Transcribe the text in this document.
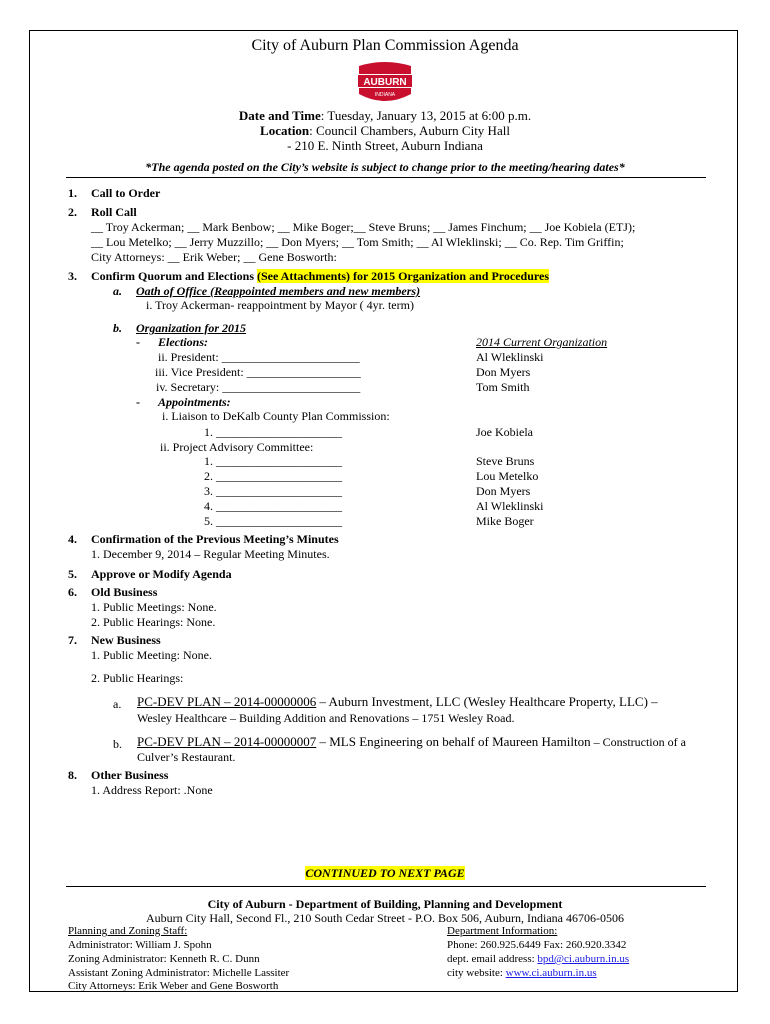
City of Auburn Plan Commission Agenda
AUBURN
INDIANA
Date and Time: Tuesday, January 13, 2015 at 6:00 p.m.
Location: Council Chambers, Auburn City Hall
- 210 E. Ninth Street, Auburn Indiana
*The agenda posted on the City’s website is subject to change prior to the meeting/hearing dates*
1. Call to Order
2. Roll Call
__ Troy Ackerman; __ Mark Benbow; __ Mike Boger;__ Steve Bruns; __ James Finchum; __ Joe Kobiela (ETJ);
__ Lou Metelko; __ Jerry Muzzillo; __ Don Myers; __ Tom Smith; __ Al Wleklinski; __ Co. Rep. Tim Griffin;
City Attorneys: __ Erik Weber; __ Gene Bosworth:
3. Confirm Quorum and Elections (See Attachments) for 2015 Organization and Procedures
a. Oath of Office (Reappointed members and new members)
i. Troy Ackerman- reappointment by Mayor ( 4yr. term)
b. Organization for 2015
- Elections:	2014 Current Organization
ii. President: _______________________	Al Wleklinski
iii. Vice President: ___________________	Don Myers
iv. Secretary: _______________________	Tom Smith
- Appointments:
i. Liaison to DeKalb County Plan Commission:
1. _____________________	Joe Kobiela
ii. Project Advisory Committee:
1. _____________________	Steve Bruns
2. _____________________	Lou Metelko
3. _____________________	Don Myers
4. _____________________	Al Wleklinski
5. _____________________	Mike Boger
4. Confirmation of the Previous Meeting’s Minutes
1. December 9, 2014 – Regular Meeting Minutes.
5. Approve or Modify Agenda
6. Old Business
1. Public Meetings: None.
2. Public Hearings: None.
7. New Business
1. Public Meeting: None.
2. Public Hearings:
a. PC-DEV PLAN – 2014-00000006 – Auburn Investment, LLC (Wesley Healthcare Property, LLC) –
Wesley Healthcare – Building Addition and Renovations – 1751 Wesley Road.
b. PC-DEV PLAN – 2014-00000007 – MLS Engineering on behalf of Maureen Hamilton – Construction of a
Culver’s Restaurant.
8. Other Business
1. Address Report: .None
CONTINUED TO NEXT PAGE
City of Auburn - Department of Building, Planning and Development
Auburn City Hall, Second Fl., 210 South Cedar Street - P.O. Box 506, Auburn, Indiana 46706-0506
Planning and Zoning Staff:
Administrator: William J. Spohn
Zoning Administrator: Kenneth R. C. Dunn
Assistant Zoning Administrator: Michelle Lassiter
City Attorneys: Erik Weber and Gene Bosworth
Department Information:
Phone: 260.925.6449 Fax: 260.920.3342
dept. email address: bpd@ci.auburn.in.us
city website: www.ci.auburn.in.us
